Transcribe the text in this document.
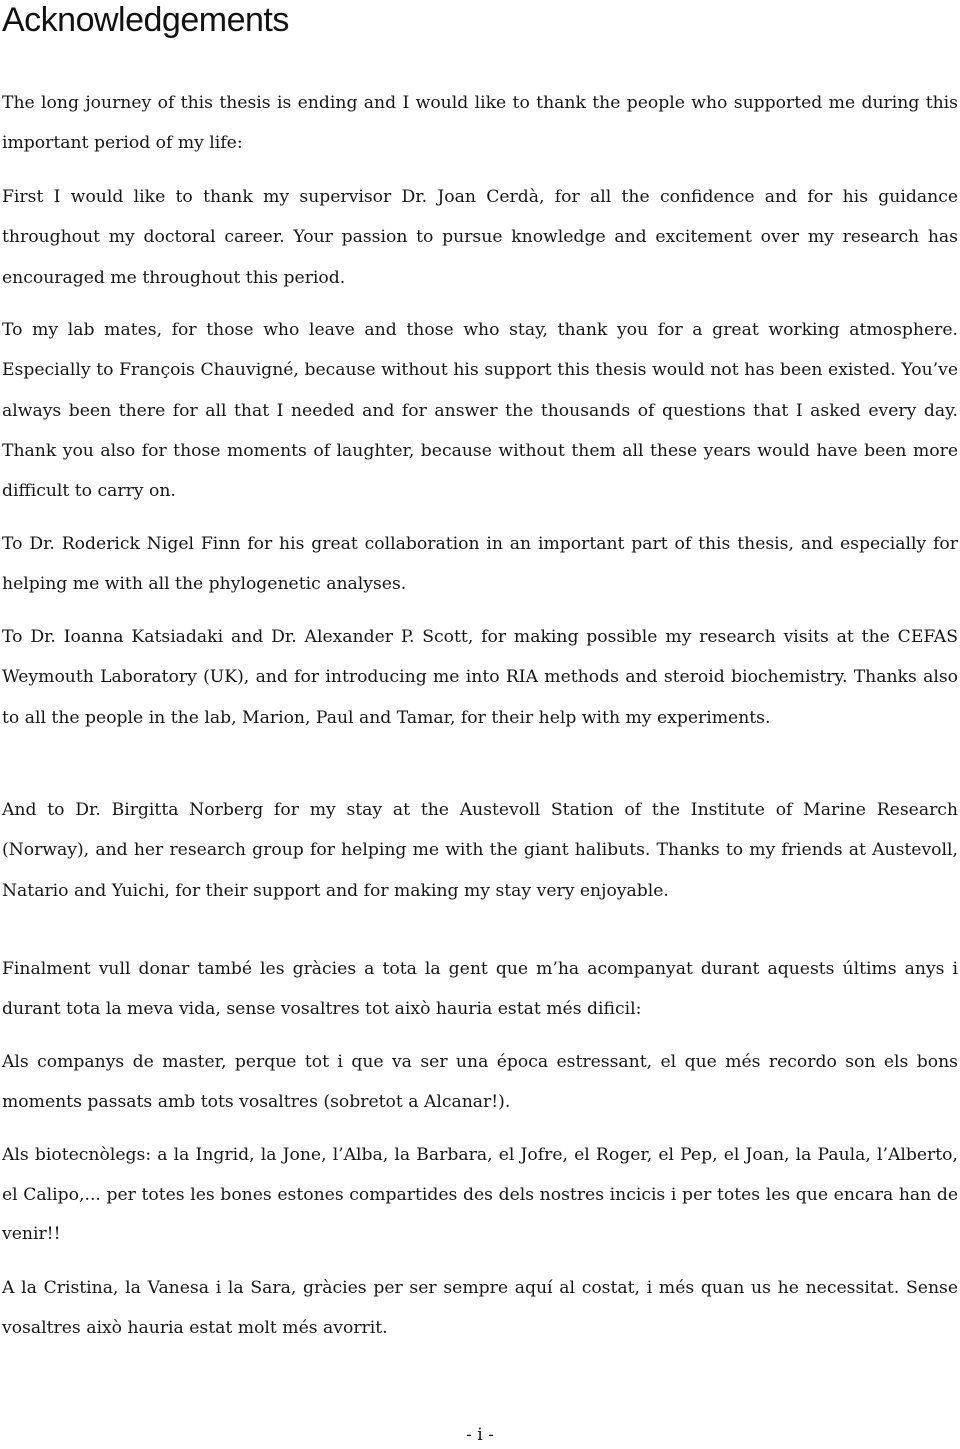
Acknowledgements

The long journey of this thesis is ending and I would like to thank the people who supported me during this important period of my life:

First I would like to thank my supervisor Dr. Joan Cerdà, for all the confidence and for his guidance throughout my doctoral career. Your passion to pursue knowledge and excitement over my research has encouraged me throughout this period.

To my lab mates, for those who leave and those who stay, thank you for a great working atmosphere. Especially to François Chauvigné, because without his support this thesis would not has been existed. You’ve always been there for all that I needed and for answer the thousands of questions that I asked every day. Thank you also for those moments of laughter, because without them all these years would have been more difficult to carry on.

To Dr. Roderick Nigel Finn for his great collaboration in an important part of this thesis, and especially for helping me with all the phylogenetic analyses.

To Dr. Ioanna Katsiadaki and Dr. Alexander P. Scott, for making possible my research visits at the CEFAS Weymouth Laboratory (UK), and for introducing me into RIA methods and steroid biochemistry. Thanks also to all the people in the lab, Marion, Paul and Tamar, for their help with my experiments.

And to Dr. Birgitta Norberg for my stay at the Austevoll Station of the Institute of Marine Research (Norway), and her research group for helping me with the giant halibuts. Thanks to my friends at Austevoll, Natario and Yuichi, for their support and for making my stay very enjoyable.

Finalment vull donar també les gràcies a tota la gent que m’ha acompanyat durant aquests últims anys i durant tota la meva vida, sense vosaltres tot això hauria estat més dificil:

Als companys de master, perque tot i que va ser una época estressant, el que més recordo son els bons moments passats amb tots vosaltres (sobretot a Alcanar!).

Als biotecnòlegs: a la Ingrid, la Jone, l’Alba, la Barbara, el Jofre, el Roger, el Pep, el Joan, la Paula, l’Alberto, el Calipo,... per totes les bones estones compartides des dels nostres incicis i per totes les que encara han de venir!!

A la Cristina, la Vanesa i la Sara, gràcies per ser sempre aquí al costat, i més quan us he necessitat. Sense vosaltres això hauria estat molt més avorrit.

- i -
